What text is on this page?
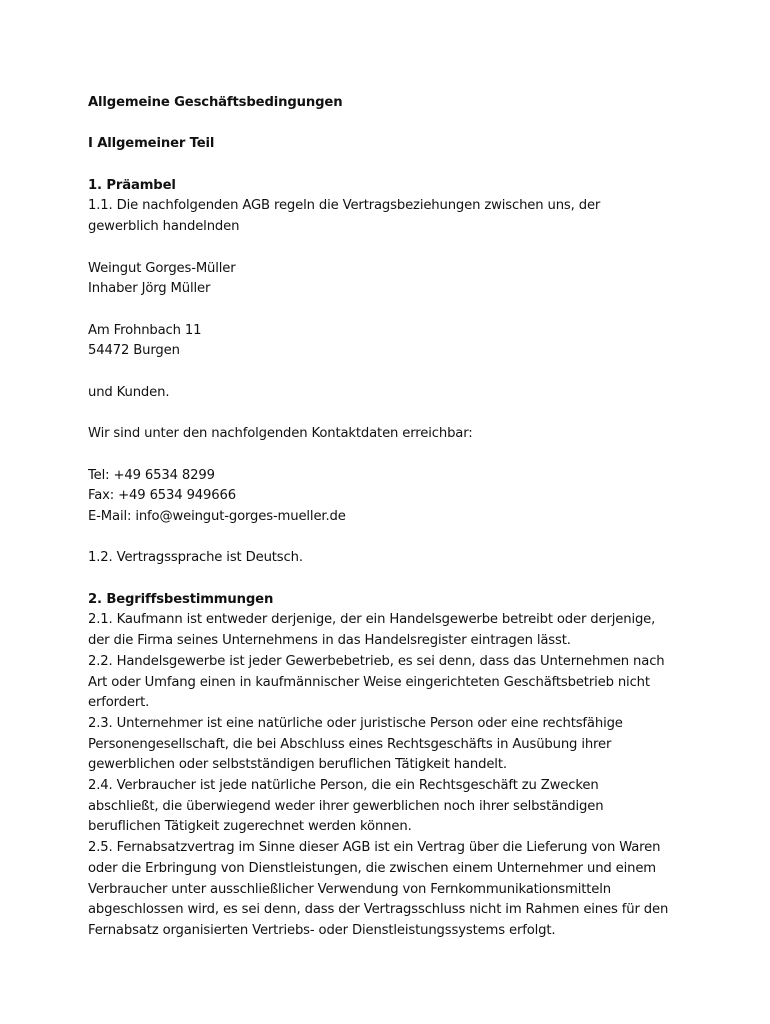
Allgemeine Geschäftsbedingungen
I Allgemeiner Teil
1. Präambel
1.1. Die nachfolgenden AGB regeln die Vertragsbeziehungen zwischen uns, der
gewerblich handelnden
Weingut Gorges-Müller
Inhaber Jörg Müller
Am Frohnbach 11
54472 Burgen
und Kunden.
Wir sind unter den nachfolgenden Kontaktdaten erreichbar:
Tel: +49 6534 8299
Fax: +49 6534 949666
E-Mail: info@weingut-gorges-mueller.de
1.2. Vertragssprache ist Deutsch.
2. Begriffsbestimmungen
2.1. Kaufmann ist entweder derjenige, der ein Handelsgewerbe betreibt oder derjenige,
der die Firma seines Unternehmens in das Handelsregister eintragen lässt.
2.2. Handelsgewerbe ist jeder Gewerbebetrieb, es sei denn, dass das Unternehmen nach
Art oder Umfang einen in kaufmännischer Weise eingerichteten Geschäftsbetrieb nicht
erfordert.
2.3. Unternehmer ist eine natürliche oder juristische Person oder eine rechtsfähige
Personengesellschaft, die bei Abschluss eines Rechtsgeschäfts in Ausübung ihrer
gewerblichen oder selbstständigen beruflichen Tätigkeit handelt.
2.4. Verbraucher ist jede natürliche Person, die ein Rechtsgeschäft zu Zwecken
abschließt, die überwiegend weder ihrer gewerblichen noch ihrer selbständigen
beruflichen Tätigkeit zugerechnet werden können.
2.5. Fernabsatzvertrag im Sinne dieser AGB ist ein Vertrag über die Lieferung von Waren
oder die Erbringung von Dienstleistungen, die zwischen einem Unternehmer und einem
Verbraucher unter ausschließlicher Verwendung von Fernkommunikationsmitteln
abgeschlossen wird, es sei denn, dass der Vertragsschluss nicht im Rahmen eines für den
Fernabsatz organisierten Vertriebs- oder Dienstleistungssystems erfolgt.
